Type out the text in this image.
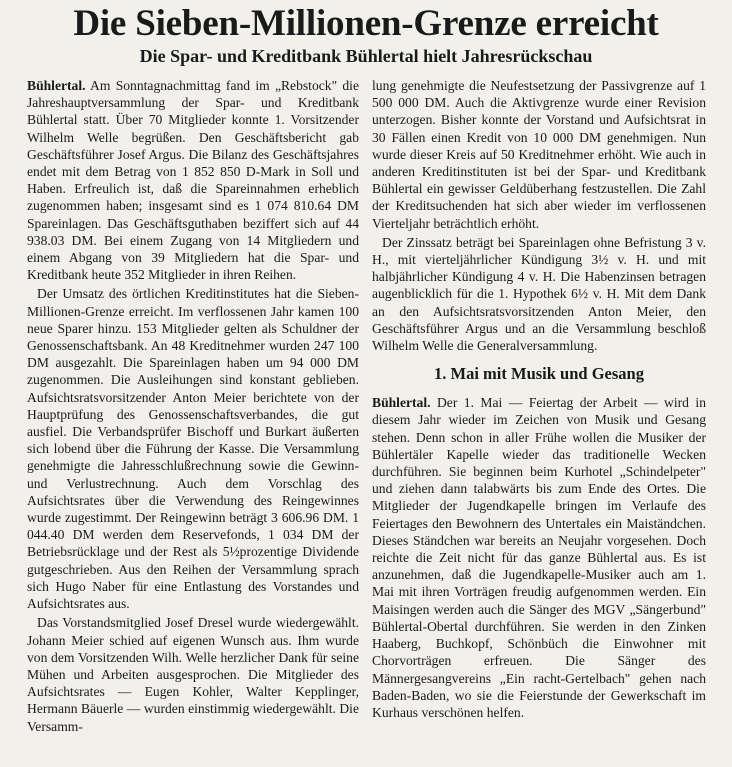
Die Sieben-Millionen-Grenze erreicht
Die Spar- und Kreditbank Bühlertal hielt Jahresrückschau

Bühlertal. Am Sonntagnachmittag fand im „Rebstock" die Jahreshauptversammlung der Spar- und Kreditbank Bühlertal statt. Über 70 Mitglieder konnte 1. Vorsitzender Wilhelm Welle begrüßen. Den Geschäftsbericht gab Geschäftsführer Josef Argus. Die Bilanz des Geschäftsjahres endet mit dem Betrag von 1 852 850 D-Mark in Soll und Haben. Erfreulich ist, daß die Spareinnahmen erheblich zugenommen haben; insgesamt sind es 1 074 810.64 DM Spareinlagen. Das Geschäftsguthaben beziffert sich auf 44 938.03 DM. Bei einem Zugang von 14 Mitgliedern und einem Abgang von 39 Mitgliedern hat die Spar- und Kreditbank heute 352 Mitglieder in ihren Reihen.

Der Umsatz des örtlichen Kreditinstitutes hat die Sieben-Millionen-Grenze erreicht. Im verflossenen Jahr kamen 100 neue Sparer hinzu. 153 Mitglieder gelten als Schuldner der Genossenschaftsbank. An 48 Kreditnehmer wurden 247 100 DM ausgezahlt. Die Spareinlagen haben um 94 000 DM zugenommen. Die Ausleihungen sind konstant geblieben. Aufsichtsratsvorsitzender Anton Meier berichtete von der Hauptprüfung des Genossenschaftsverbandes, die gut ausfiel. Die Verbandsprüfer Bischoff und Burkart äußerten sich lobend über die Führung der Kasse. Die Versammlung genehmigte die Jahresschlußrechnung sowie die Gewinn- und Verlustrechnung. Auch dem Vorschlag des Aufsichtsrates über die Verwendung des Reingewinnes wurde zugestimmt. Der Reingewinn beträgt 3 606.96 DM. 1 044.40 DM werden dem Reservefonds, 1 034 DM der Betriebsrücklage und der Rest als 5½prozentige Dividende gutgeschrieben. Aus den Reihen der Versammlung sprach sich Hugo Naber für eine Entlastung des Vorstandes und Aufsichtsrates aus.

Das Vorstandsmitglied Josef Dresel wurde wiedergewählt. Johann Meier schied auf eigenen Wunsch aus. Ihm wurde von dem Vorsitzenden Wilh. Welle herzlicher Dank für seine Mühen und Arbeiten ausgesprochen. Die Mitglieder des Aufsichtsrates — Eugen Kohler, Walter Kepplinger, Hermann Bäuerle — wurden einstimmig wiedergewählt. Die Versamm-

lung genehmigte die Neufestsetzung der Passivgrenze auf 1 500 000 DM. Auch die Aktivgrenze wurde einer Revision unterzogen. Bisher konnte der Vorstand und Aufsichtsrat in 30 Fällen einen Kredit von 10 000 DM genehmigen. Nun wurde dieser Kreis auf 50 Kreditnehmer erhöht. Wie auch in anderen Kreditinstituten ist bei der Spar- und Kreditbank Bühlertal ein gewisser Geldüberhang festzustellen. Die Zahl der Kreditsuchenden hat sich aber wieder im verflossenen Vierteljahr beträchtlich erhöht.

Der Zinssatz beträgt bei Spareinlagen ohne Befristung 3 v. H., mit vierteljährlicher Kündigung 3½ v. H. und mit halbjährlicher Kündigung 4 v. H. Die Habenzinsen betragen augenblicklich für die 1. Hypothek 6½ v. H. Mit dem Dank an den Aufsichtsratsvorsitzenden Anton Meier, den Geschäftsführer Argus und an die Versammlung beschloß Wilhelm Welle die Generalversammlung.

1. Mai mit Musik und Gesang

Bühlertal. Der 1. Mai — Feiertag der Arbeit — wird in diesem Jahr wieder im Zeichen von Musik und Gesang stehen. Denn schon in aller Frühe wollen die Musiker der Bühlertäler Kapelle wieder das traditionelle Wecken durchführen. Sie beginnen beim Kurhotel „Schindelpeter" und ziehen dann talabwärts bis zum Ende des Ortes. Die Mitglieder der Jugendkapelle bringen im Verlaufe des Feiertages den Bewohnern des Untertales ein Maiständchen. Dieses Ständchen war bereits an Neujahr vorgesehen. Doch reichte die Zeit nicht für das ganze Bühlertal aus. Es ist anzunehmen, daß die Jugendkapelle-Musiker auch am 1. Mai mit ihren Vorträgen freudig aufgenommen werden. Ein Maisingen werden auch die Sänger des MGV „Sängerbund" Bühlertal-Obertal durchführen. Sie werden in den Zinken Haaberg, Buchkopf, Schönbüch die Einwohner mit Chorvorträgen erfreuen. Die Sänger des Männergesangvereins „Ein racht-Gertelbach" gehen nach Baden-Baden, wo sie die Feierstunde der Gewerkschaft im Kurhaus verschönen helfen.
